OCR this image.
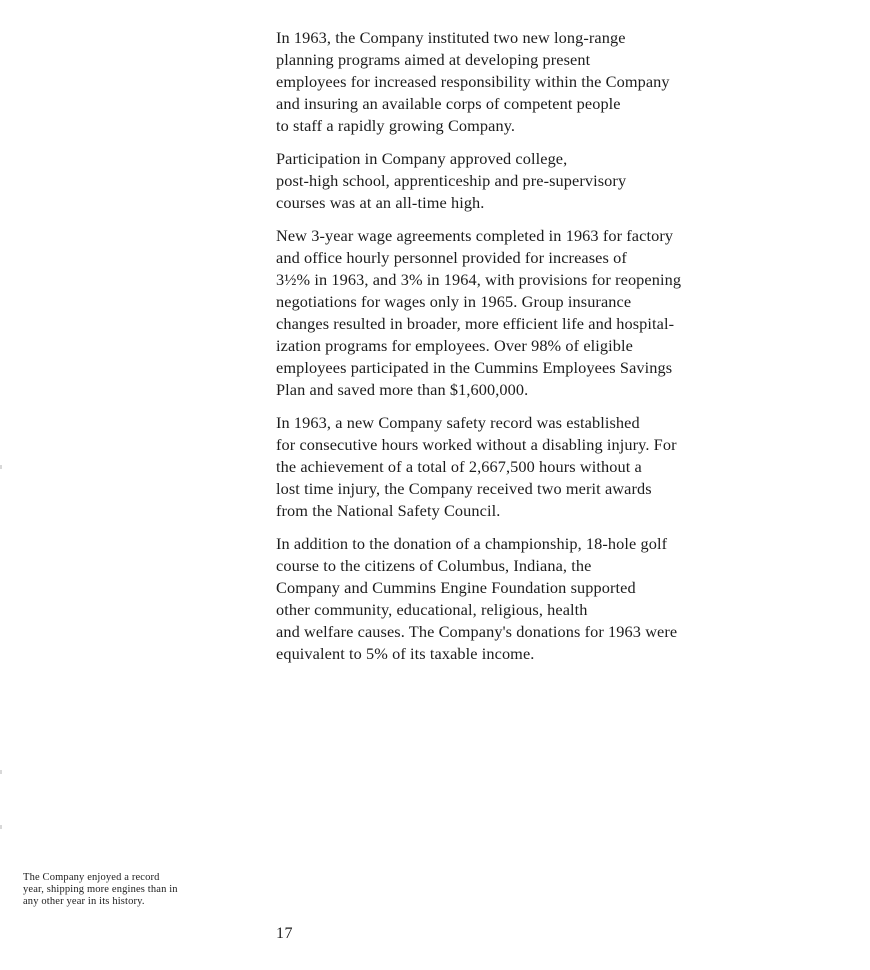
In 1963, the Company instituted two new long-range
planning programs aimed at developing present
employees for increased responsibility within the Company
and insuring an available corps of competent people
to staff a rapidly growing Company.

Participation in Company approved college,
post-high school, apprenticeship and pre-supervisory
courses was at an all-time high.

New 3-year wage agreements completed in 1963 for factory
and office hourly personnel provided for increases of
3½% in 1963, and 3% in 1964, with provisions for reopening
negotiations for wages only in 1965. Group insurance
changes resulted in broader, more efficient life and hospital-
ization programs for employees. Over 98% of eligible
employees participated in the Cummins Employees Savings
Plan and saved more than $1,600,000.

In 1963, a new Company safety record was established
for consecutive hours worked without a disabling injury. For
the achievement of a total of 2,667,500 hours without a
lost time injury, the Company received two merit awards
from the National Safety Council.

In addition to the donation of a championship, 18-hole golf
course to the citizens of Columbus, Indiana, the
Company and Cummins Engine Foundation supported
other community, educational, religious, health
and welfare causes. The Company's donations for 1963 were
equivalent to 5% of its taxable income.

The Company enjoyed a record
year, shipping more engines than in
any other year in its history.
17
